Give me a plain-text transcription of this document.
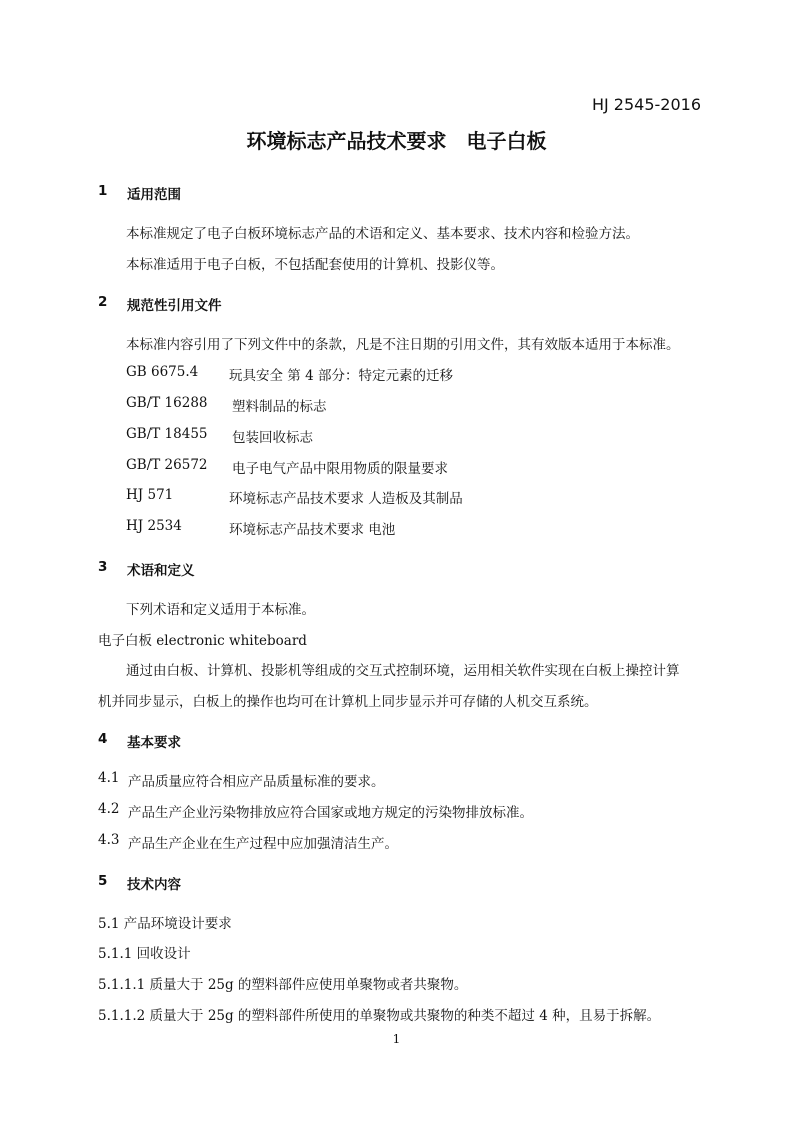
HJ 2545-2016
环境标志产品技术要求　电子白板
1 适用范围
本标准规定了电子白板环境标志产品的术语和定义、基本要求、技术内容和检验方法。
本标准适用于电子白板，不包括配套使用的计算机、投影仪等。
2 规范性引用文件
本标准内容引用了下列文件中的条款，凡是不注日期的引用文件，其有效版本适用于本标准。
GB 6675.4 玩具安全 第 4 部分：特定元素的迁移
GB/T 16288 塑料制品的标志
GB/T 18455 包装回收标志
GB/T 26572 电子电气产品中限用物质的限量要求
HJ 571	环境标志产品技术要求 人造板及其制品
HJ 2534	环境标志产品技术要求 电池
3 术语和定义
下列术语和定义适用于本标准。
电子白板 electronic whiteboard
通过由白板、计算机、投影机等组成的交互式控制环境，运用相关软件实现在白板上操控计算
机并同步显示，白板上的操作也均可在计算机上同步显示并可存储的人机交互系统。
4 基本要求
4.1 产品质量应符合相应产品质量标准的要求。
4.2 产品生产企业污染物排放应符合国家或地方规定的污染物排放标准。
4.3 产品生产企业在生产过程中应加强清洁生产。
5 技术内容
5.1 产品环境设计要求
5.1.1 回收设计
5.1.1.1 质量大于 25g 的塑料部件应使用单聚物或者共聚物。
5.1.1.2 质量大于 25g 的塑料部件所使用的单聚物或共聚物的种类不超过 4 种，且易于拆解。
1
